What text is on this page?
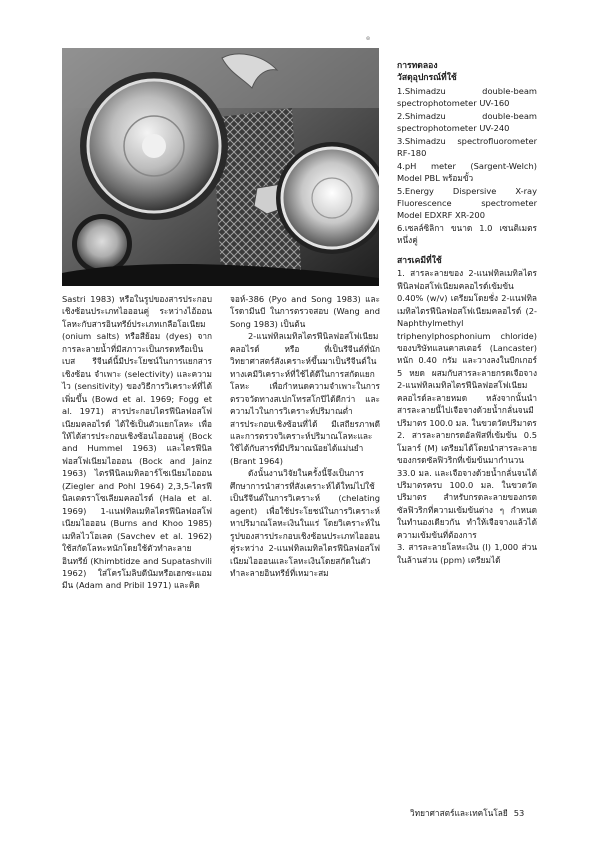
๏

Sastri 1983) หรือในรูปของสารประกอบเชิงซ้อนประเภทไอออนคู่ ระหว่างไอ้ออนโลหะกับสารอินทรีย์ประเภทเกลือโอเนียม (onium salts) หรือสีย้อม (dyes) จากการละลายน้ำที่มีสภาวะเป็นกรดหรือเป็นเบส รีจีนต์นี้มีประโยชน์ในการแยกสารเชิงซ้อน จำเพาะ (selectivity) และความไว (sensitivity) ของวิธีการวิเคราะห์ที่ได้เพิ่มขึ้น (Bowd et al. 1969; Fogg et al. 1971) สารประกอบไตรฟีนิลฟอสโฟเนียมคลอไรด์ ได้ใช้เป็นตัวแยกโลหะ เพื่อให้ได้สารประกอบเชิงซ้อนไอออนคู่ (Bock and Hummel 1963) และไตรฟีนิลฟอสโฟเนียมไอออน (Bock and Jainz 1963) ไตรฟีนิลเมทิลอาร์โซเนียมไอออน (Ziegler and Pohl 1964) 2,3,5-ไตรฟีนิลเตตราโซเลียมคลอไรด์ (Hala et al. 1969) 1-แนฟทิลเมทิลไตรฟีนิลฟอสโฟเนียมไอออน (Burns and Khoo 1985) เมทิลไวโอเลต (Savchev et al. 1962) ใช้สกัดโลหะหนักโดยใช้ตัวทำละลายอินทรีย์ (Khimbtidze and Supatashvili 1962) ใส่โครโมลิบดีนัมหรือเฮกซะแอมมีน (Adam and Pribil 1971) และคิด

จอห์-386 (Pyo and Song 1983) และ โรดามีนบี ในการตรวจสอบ (Wang and Song 1983) เป็นต้น

2-แนฟทิลเมทิลไตรฟีนิลฟอสโฟเนียมคลอไรด์ หรือ ที่เป็นรีจีนต์ที่นักวิทยาศาสตร์สังเคราะห์ขึ้นมาเป็นรีจีนต์ในทางเคมีวิเคราะห์ที่ใช้ได้ดีในการสกัดแยกโลหะ เพื่อกำหนดความจำเพาะในการตรวจวัดทางสเปกโทรสโกปีได้ดีกว่า และความไวในการวิเคราะห์ปริมาณต่ำ สารประกอบเชิงซ้อนที่ได้ มีเสถียรภาพดีและการตรวจวิเคราะห์ปริมาณโลหะและใช้ได้กับสารที่มีปริมาณน้อยได้แม่นยำ (Brant 1964)

ดังนั้นงานวิจัยในครั้งนี้จึงเป็นการศึกษาการนำสารที่สังเคราะห์ได้ใหม่ไปใช้เป็นรีจีนต์ในการวิเคราะห์ (chelating agent) เพื่อใช้ประโยชน์ในการวิเคราะห์หาปริมาณโลหะเงินในแร่ โดยวิเคราะห์ในรูปของสารประกอบเชิงซ้อนประเภทไอออนคู่ระหว่าง 2-แนฟทิลเมทิลไตรฟีนิลฟอสโฟเนียมไอออนและโลหะเงินโดยสกัดในตัวทำละลายอินทรีย์ที่เหมาะสม

การทดลอง
วัสดุอุปกรณ์ที่ใช้

1.Shimadzu double-beam spectrophotometer UV-160

2.Shimadzu double-beam spectrophotometer UV-240

3.Shimadzu spectrofluorometer RF-180

4.pH meter (Sargent-Welch) Model PBL พร้อมขั้ว

5.Energy Dispersive X-ray Fluorescence spectrometer Model EDXRF XR-200

6.เซลล์ซิลิกา ขนาด 1.0 เซนติเมตร หนึ่งคู่

สารเคมีที่ใช้

1. สารละลายของ 2-แนฟทิลเมทิลไตรฟีนิลฟอสโฟเนียมคลอไรด์เข้มข้น 0.40% (w/v) เตรียมโดยชั่ง 2-แนฟทิลเมทิลไตรฟีนิลฟอสโฟเนียมคลอไรด์ (2-Naphthylmethyl triphenylphosphonium chloride) ของบริษัทแลนคาสเตอร์ (Lancaster) หนัก 0.40 กรัม และวางลงในบีกเกอร์ 5 หยด ผสมกับสารละลายกรดเจือจาง 2-แนฟทิลเมทิลไตรฟีนิลฟอสโฟเนียมคลอไรด์ละลายหมด หลังจากนั้นนำสารละลายนี้ไปเจือจางด้วยน้ำกลั่นจนมีปริมาตร 100.0 มล. ในขวดวัดปริมาตร

2. สารละลายกรดอัลฟัสที่เข้มข้น 0.5 โมลาร์ (M) เตรียมได้โดยนำสารละลายของกรดซัลฟิวริกที่เข้มข้นมากำนวน 33.0 มล. และเจือจางด้วยน้ำกลั่นจนได้ปริมาตรครบ 100.0 มล. ในขวดวัดปริมาตร สำหรับกรดละลายของกรดซัลฟิวริกที่ความเข้มข้นต่าง ๆ กำหนดในทำนองเดียวกัน ทำให้เจือจางแล้วได้ความเข้มข้นที่ต้องการ

3. สารละลายโลหะเงิน (I) 1,000 ส่วนในล้านส่วน (ppm) เตรียมได้

วิทยาศาสตร์และเทคโนโลยี 53
